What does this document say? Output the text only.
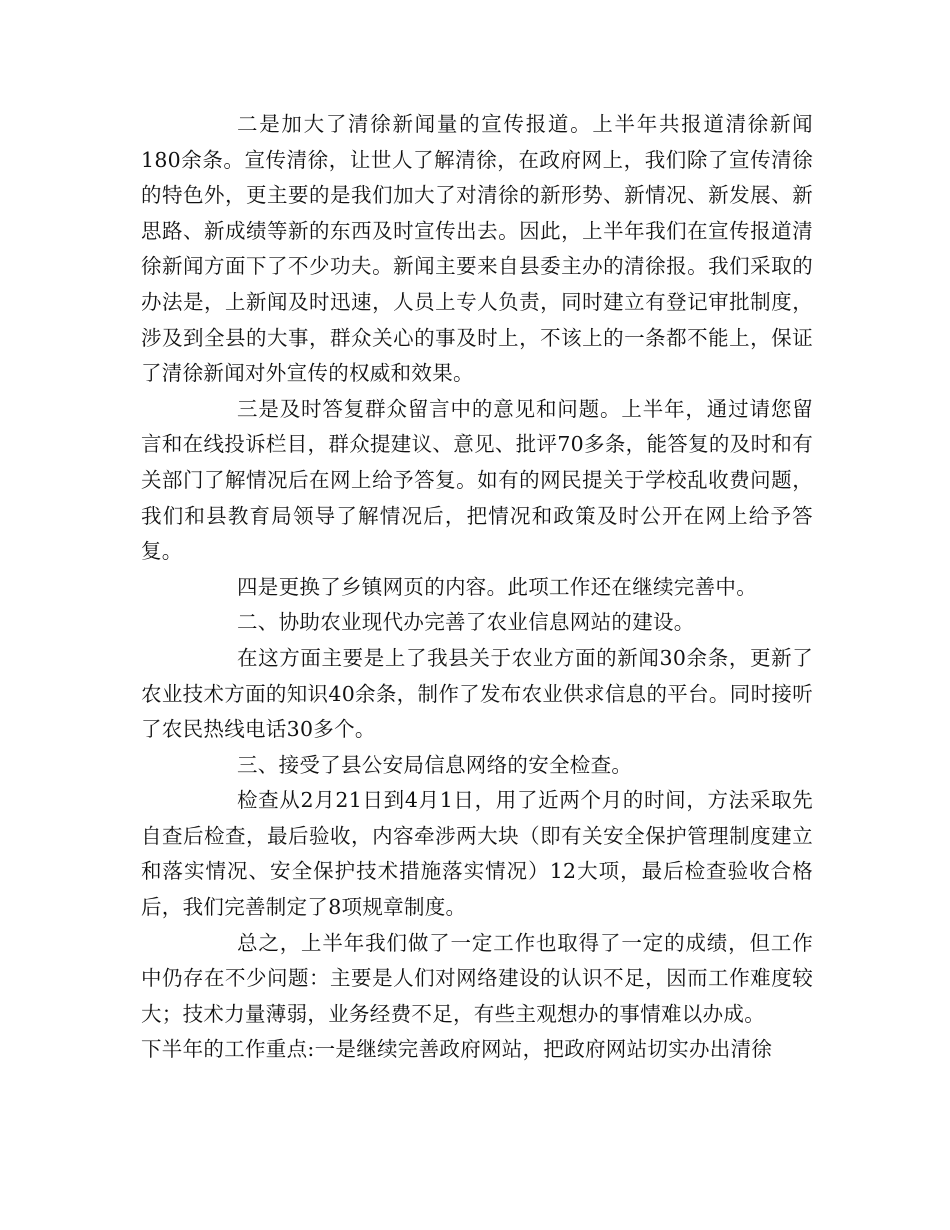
二是加大了清徐新闻量的宣传报道。上半年共报道清徐新闻180余条。宣传清徐，让世人了解清徐，在政府网上，我们除了宣传清徐的特色外，更主要的是我们加大了对清徐的新形势、新情况、新发展、新思路、新成绩等新的东西及时宣传出去。因此，上半年我们在宣传报道清徐新闻方面下了不少功夫。新闻主要来自县委主办的清徐报。我们采取的办法是，上新闻及时迅速，人员上专人负责，同时建立有登记审批制度，涉及到全县的大事，群众关心的事及时上，不该上的一条都不能上，保证了清徐新闻对外宣传的权威和效果。

三是及时答复群众留言中的意见和问题。上半年，通过请您留言和在线投诉栏目，群众提建议、意见、批评70多条，能答复的及时和有关部门了解情况后在网上给予答复。如有的网民提关于学校乱收费问题，我们和县教育局领导了解情况后，把情况和政策及时公开在网上给予答复。

四是更换了乡镇网页的内容。此项工作还在继续完善中。

二、协助农业现代办完善了农业信息网站的建设。

在这方面主要是上了我县关于农业方面的新闻30余条，更新了农业技术方面的知识40余条，制作了发布农业供求信息的平台。同时接听了农民热线电话30多个。

三、接受了县公安局信息网络的安全检查。

检查从2月21日到4月1日，用了近两个月的时间，方法采取先自查后检查，最后验收，内容牵涉两大块（即有关安全保护管理制度建立和落实情况、安全保护技术措施落实情况）12大项，最后检查验收合格后，我们完善制定了8项规章制度。

总之，上半年我们做了一定工作也取得了一定的成绩，但工作中仍存在不少问题：主要是人们对网络建设的认识不足，因而工作难度较大；技术力量薄弱，业务经费不足，有些主观想办的事情难以办成。

下半年的工作重点:一是继续完善政府网站，把政府网站切实办出清徐
